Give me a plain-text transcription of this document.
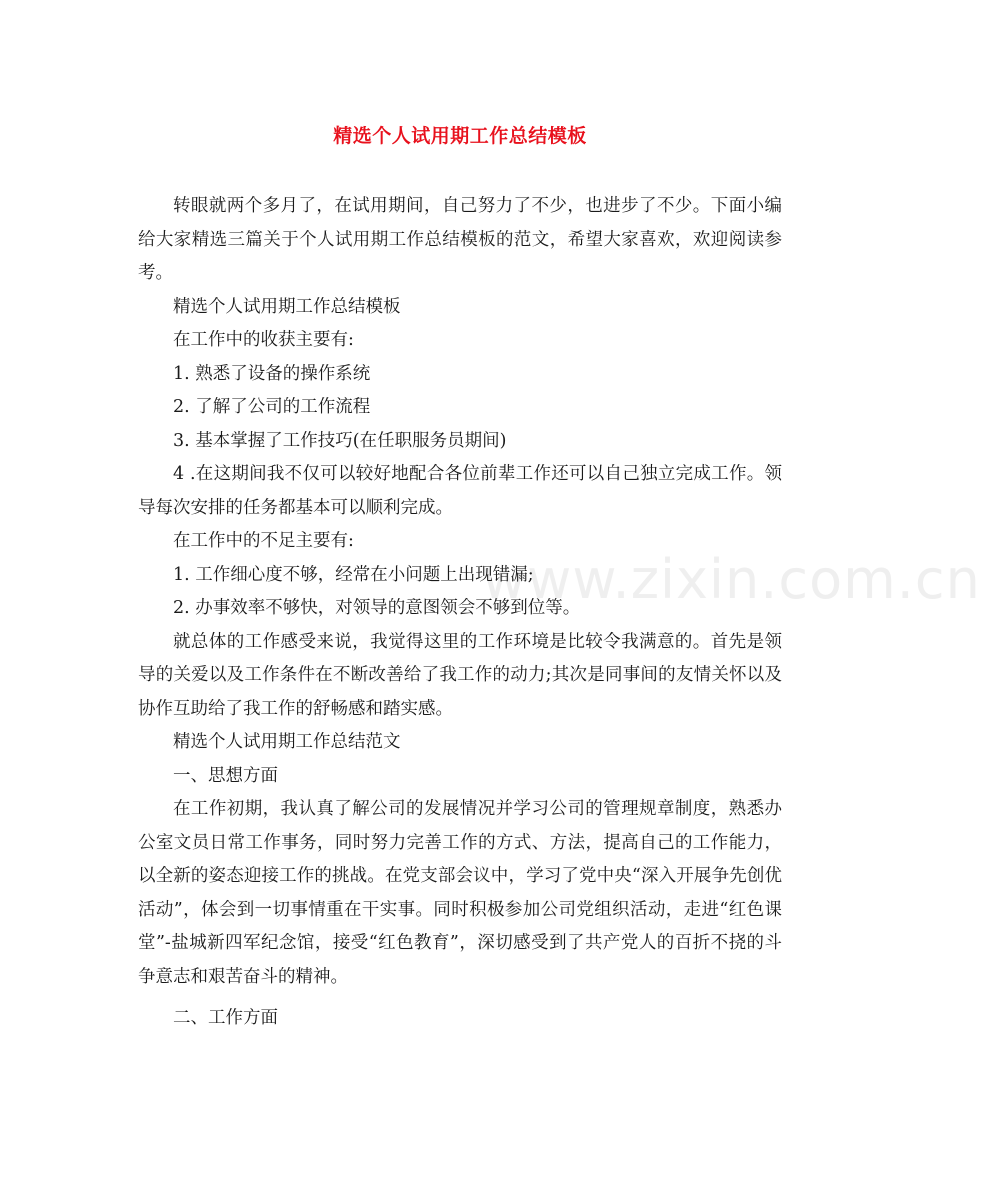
www.zixin.com.cn
精选个人试用期工作总结模板

转眼就两个多月了，在试用期间，自己努力了不少，也进步了不少。下面小编给大家精选三篇关于个人试用期工作总结模板的范文，希望大家喜欢，欢迎阅读参考。

精选个人试用期工作总结模板

在工作中的收获主要有:

1. 熟悉了设备的操作系统

2. 了解了公司的工作流程

3. 基本掌握了工作技巧(在任职服务员期间)

4 .在这期间我不仅可以较好地配合各位前辈工作还可以自己独立完成工作。领导每次安排的任务都基本可以顺利完成。

在工作中的不足主要有:

1. 工作细心度不够，经常在小问题上出现错漏;

2. 办事效率不够快，对领导的意图领会不够到位等。

就总体的工作感受来说，我觉得这里的工作环境是比较令我满意的。首先是领导的关爱以及工作条件在不断改善给了我工作的动力;其次是同事间的友情关怀以及协作互助给了我工作的舒畅感和踏实感。

精选个人试用期工作总结范文

一、思想方面

在工作初期，我认真了解公司的发展情况并学习公司的管理规章制度，熟悉办公室文员日常工作事务，同时努力完善工作的方式、方法，提高自己的工作能力，以全新的姿态迎接工作的挑战。在党支部会议中，学习了党中央“深入开展争先创优活动”，体会到一切事情重在干实事。同时积极参加公司党组织活动，走进“红色课堂”-盐城新四军纪念馆，接受“红色教育”，深切感受到了共产党人的百折不挠的斗争意志和艰苦奋斗的精神。

二、工作方面
